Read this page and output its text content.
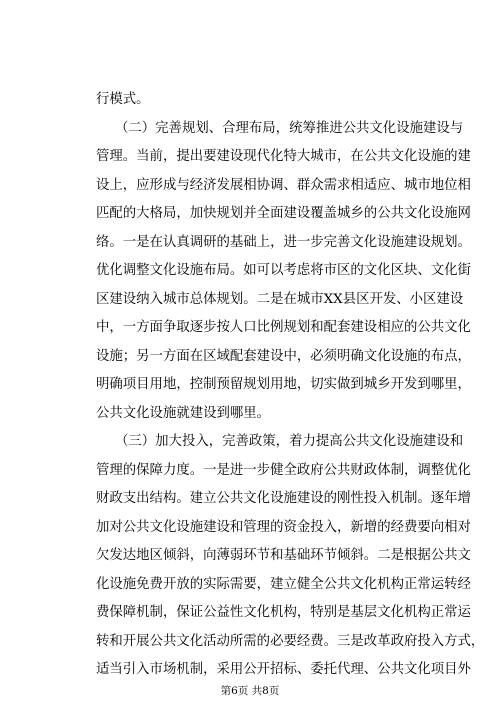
行模式。
（二）完善规划、合理布局，统筹推进公共文化设施建设与
管理。当前，提出要建设现代化特大城市，在公共文化设施的建
设上，应形成与经济发展相协调、群众需求相适应、城市地位相
匹配的大格局，加快规划并全面建设覆盖城乡的公共文化设施网
络。一是在认真调研的基础上，进一步完善文化设施建设规划。
优化调整文化设施布局。如可以考虑将市区的文化区块、文化街
区建设纳入城市总体规划。二是在城市XX县区开发、小区建设
中，一方面争取逐步按人口比例规划和配套建设相应的公共文化
设施；另一方面在区域配套建设中，必须明确文化设施的布点，
明确项目用地，控制预留规划用地，切实做到城乡开发到哪里，
公共文化设施就建设到哪里。
（三）加大投入，完善政策，着力提高公共文化设施建设和
管理的保障力度。一是进一步健全政府公共财政体制，调整优化
财政支出结构。建立公共文化设施建设的刚性投入机制。逐年增
加对公共文化设施建设和管理的资金投入，新增的经费要向相对
欠发达地区倾斜，向薄弱环节和基础环节倾斜。二是根据公共文
化设施免费开放的实际需要，建立健全公共文化机构正常运转经
费保障机制，保证公益性文化机构，特别是基层文化机构正常运
转和开展公共文化活动所需的必要经费。三是改革政府投入方式，
第6页 共8页
适当引入市场机制，采用公开招标、委托代理、公共文化项目外
